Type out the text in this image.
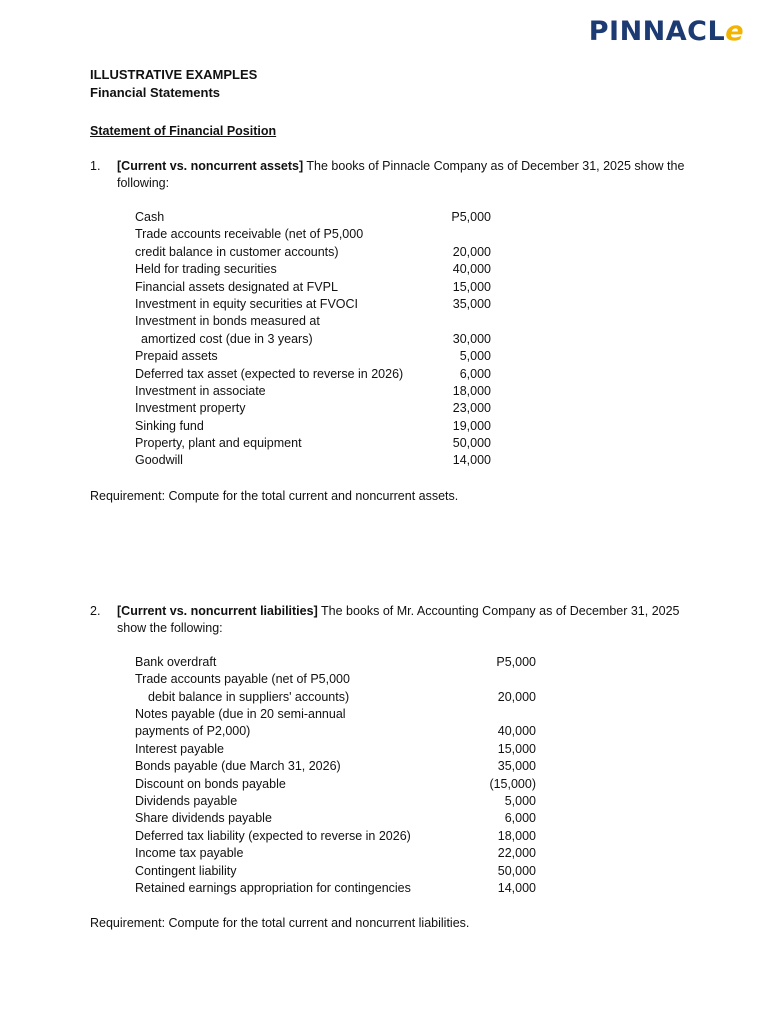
PINNACLe
ILLUSTRATIVE EXAMPLES
Financial Statements
Statement of Financial Position
1.	[Current vs. noncurrent assets] The books of Pinnacle Company as of December 31, 2025 show the following:
Cash	P5,000
Trade accounts receivable (net of P5,000	
credit balance in customer accounts)	20,000
Held for trading securities	40,000
Financial assets designated at FVPL	15,000
Investment in equity securities at FVOCI	35,000
Investment in bonds measured at	
amortized cost (due in 3 years)	30,000
Prepaid assets	5,000
Deferred tax asset (expected to reverse in 2026)	6,000
Investment in associate	18,000
Investment property	23,000
Sinking fund	19,000
Property, plant and equipment	50,000
Goodwill	14,000
Requirement: Compute for the total current and noncurrent assets.
2.	[Current vs. noncurrent liabilities] The books of Mr. Accounting Company as of December 31, 2025 show the following:
Bank overdraft	P5,000
Trade accounts payable (net of P5,000	
debit balance in suppliers' accounts)	20,000
Notes payable (due in 20 semi-annual	
payments of P2,000)	40,000
Interest payable	15,000
Bonds payable (due March 31, 2026)	35,000
Discount on bonds payable	(15,000)
Dividends payable	5,000
Share dividends payable	6,000
Deferred tax liability (expected to reverse in 2026)	18,000
Income tax payable	22,000
Contingent liability	50,000
Retained earnings appropriation for contingencies	14,000
Requirement: Compute for the total current and noncurrent liabilities.
